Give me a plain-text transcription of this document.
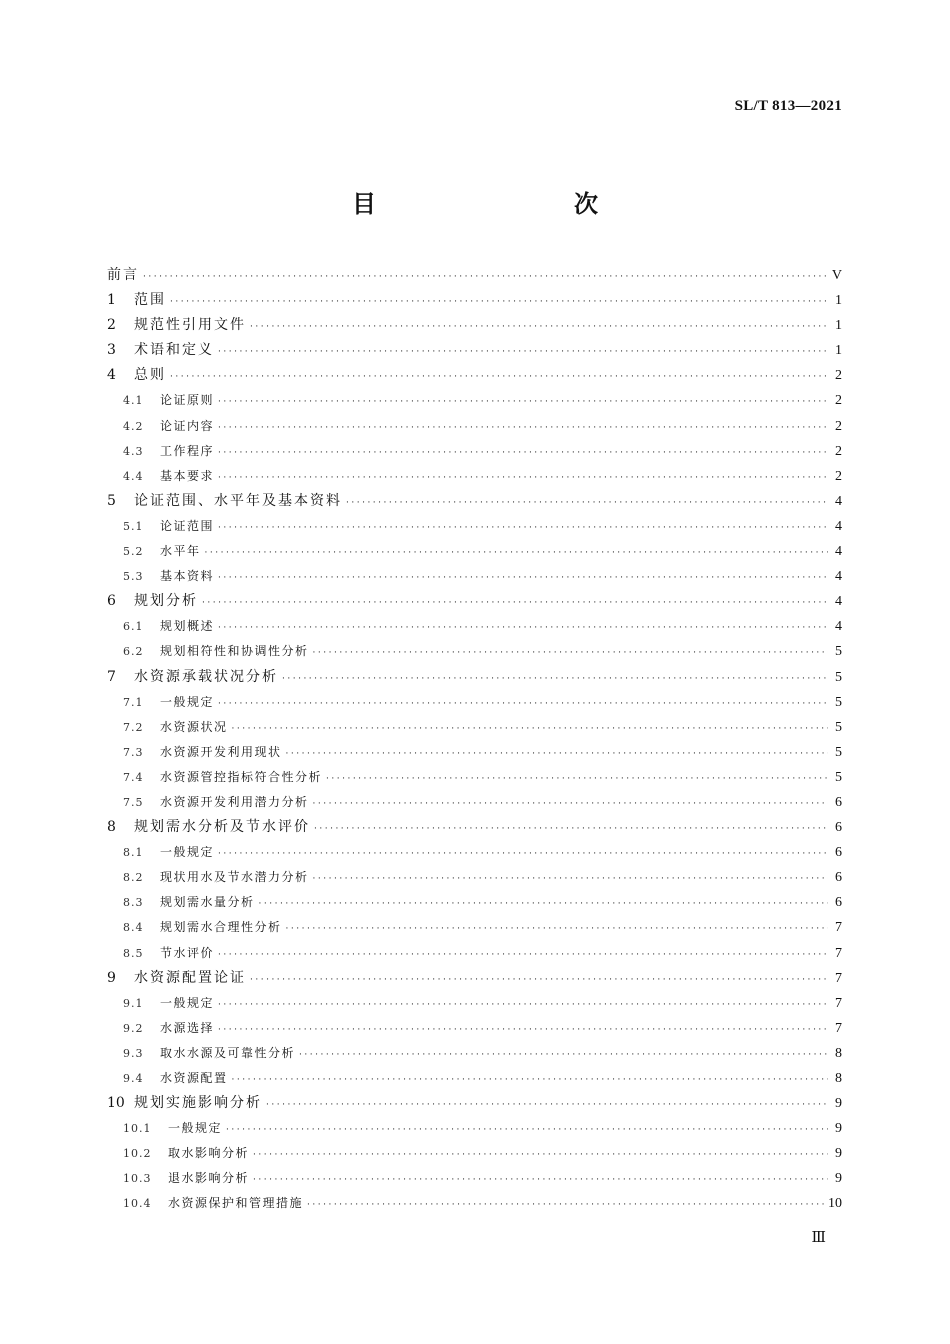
SL/T 813—2021
目　　次
前言 ·····	V
1	范围 ·····	1
2	规范性引用文件 ·····	1
3	术语和定义 ·····	1
4	总则 ·····	2
4.1	论证原则 ·····	2
4.2	论证内容 ·····	2
4.3	工作程序 ·····	2
4.4	基本要求 ·····	2
5	论证范围、水平年及基本资料 ·····	4
5.1	论证范围 ·····	4
5.2	水平年 ·····	4
5.3	基本资料 ·····	4
6	规划分析 ·····	4
6.1	规划概述 ·····	4
6.2	规划相符性和协调性分析 ·····	5
7	水资源承载状况分析 ·····	5
7.1	一般规定 ·····	5
7.2	水资源状况 ·····	5
7.3	水资源开发利用现状 ·····	5
7.4	水资源管控指标符合性分析 ·····	5
7.5	水资源开发利用潜力分析 ·····	6
8	规划需水分析及节水评价 ·····	6
8.1	一般规定 ·····	6
8.2	现状用水及节水潜力分析 ·····	6
8.3	规划需水量分析 ·····	6
8.4	规划需水合理性分析 ·····	7
8.5	节水评价 ·····	7
9	水资源配置论证 ·····	7
9.1	一般规定 ·····	7
9.2	水源选择 ·····	7
9.3	取水水源及可靠性分析 ·····	8
9.4	水资源配置 ·····	8
10 规划实施影响分析 ·····	9
10.1	一般规定 ·····	9
10.2	取水影响分析 ·····	9
10.3	退水影响分析 ·····	9
10.4	水资源保护和管理措施 ·····	10
Ⅲ
